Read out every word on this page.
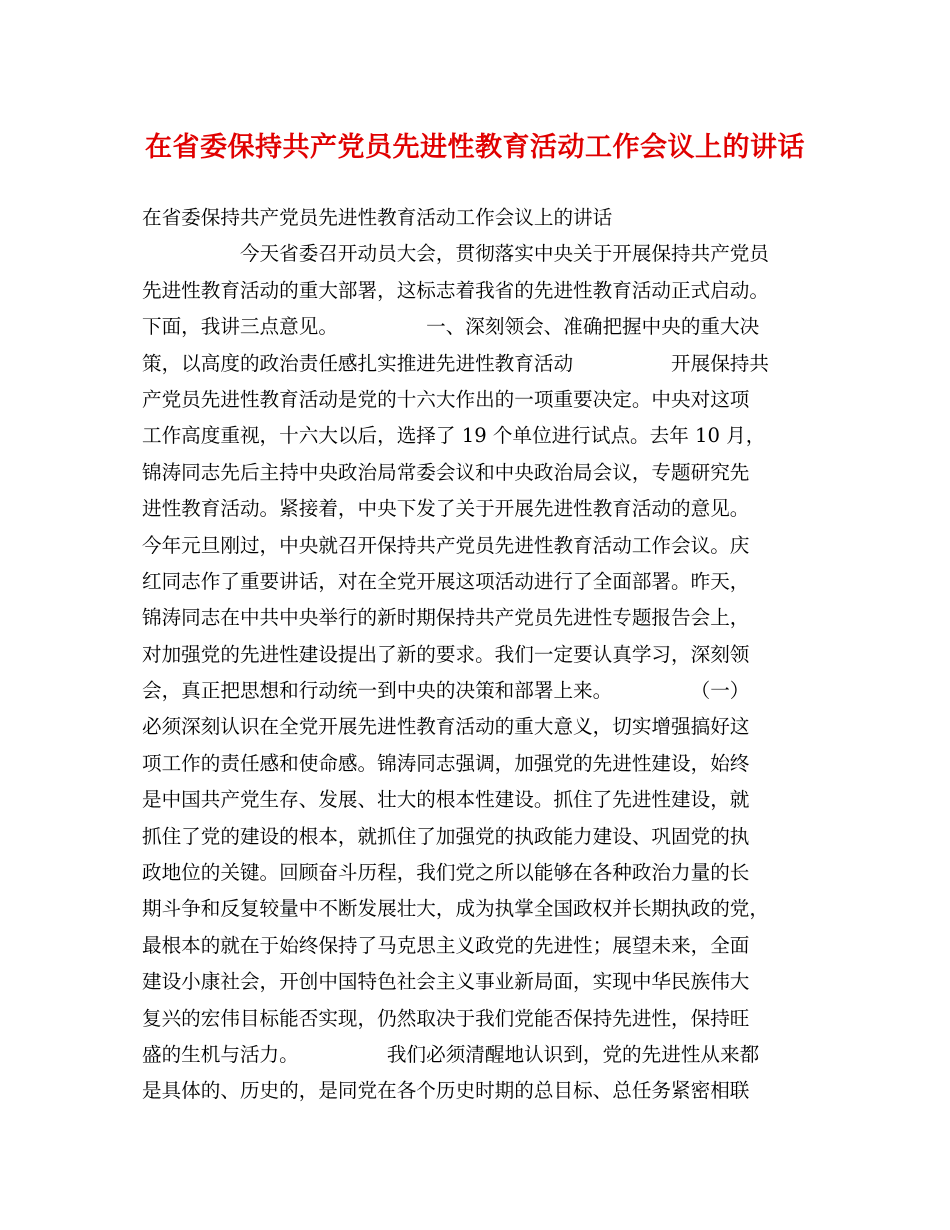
在省委保持共产党员先进性教育活动工作会议上的讲话
在省委保持共产党员先进性教育活动工作会议上的讲话
　　　　　今天省委召开动员大会，贯彻落实中央关于开展保持共产党员
先进性教育活动的重大部署，这标志着我省的先进性教育活动正式启动。
下面，我讲三点意见。　　　　　一、深刻领会、准确把握中央的重大决
策，以高度的政治责任感扎实推进先进性教育活动　　　　　开展保持共
产党员先进性教育活动是党的十六大作出的一项重要决定。中央对这项
工作高度重视，十六大以后，选择了 19 个单位进行试点。去年 10 月，
锦涛同志先后主持中央政治局常委会议和中央政治局会议，专题研究先
进性教育活动。紧接着，中央下发了关于开展先进性教育活动的意见。
今年元旦刚过，中央就召开保持共产党员先进性教育活动工作会议。庆
红同志作了重要讲话，对在全党开展这项活动进行了全面部署。昨天，
锦涛同志在中共中央举行的新时期保持共产党员先进性专题报告会上，
对加强党的先进性建设提出了新的要求。我们一定要认真学习，深刻领
会，真正把思想和行动统一到中央的决策和部署上来。　　　　　（一）
必须深刻认识在全党开展先进性教育活动的重大意义，切实增强搞好这
项工作的责任感和使命感。锦涛同志强调，加强党的先进性建设，始终
是中国共产党生存、发展、壮大的根本性建设。抓住了先进性建设，就
抓住了党的建设的根本，就抓住了加强党的执政能力建设、巩固党的执
政地位的关键。回顾奋斗历程，我们党之所以能够在各种政治力量的长
期斗争和反复较量中不断发展壮大，成为执掌全国政权并长期执政的党，
最根本的就在于始终保持了马克思主义政党的先进性；展望未来，全面
建设小康社会，开创中国特色社会主义事业新局面，实现中华民族伟大
复兴的宏伟目标能否实现，仍然取决于我们党能否保持先进性，保持旺
盛的生机与活力。　　　　　我们必须清醒地认识到，党的先进性从来都
是具体的、历史的，是同党在各个历史时期的总目标、总任务紧密相联
